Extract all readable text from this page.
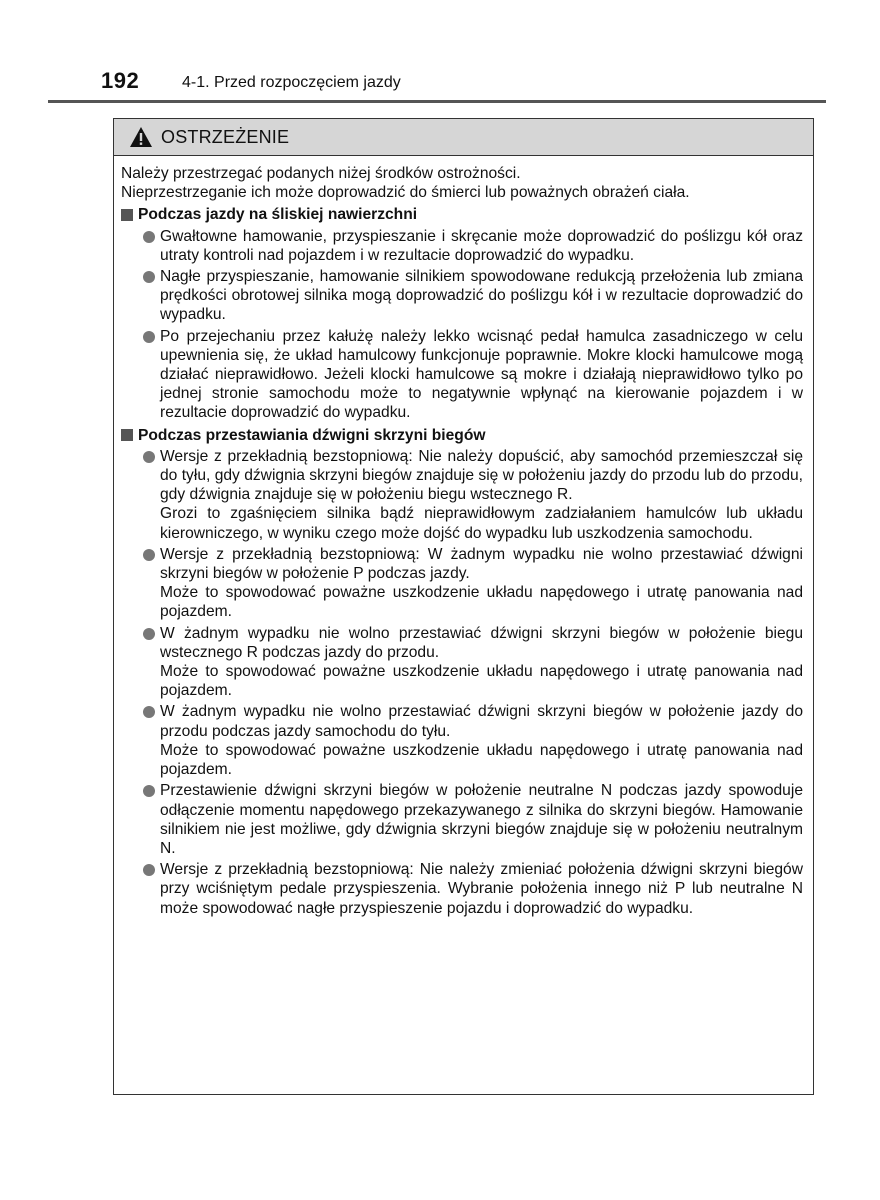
192	4-1. Przed rozpoczęciem jazdy
OSTRZEŻENIE

Należy przestrzegać podanych niżej środków ostrożności.

Nieprzestrzeganie ich może doprowadzić do śmierci lub poważnych obrażeń ciała.

Podczas jazdy na śliskiej nawierzchni

Gwałtowne hamowanie, przyspieszanie i skręcanie może doprowadzić do poślizgu kół oraz utraty kontroli nad pojazdem i w rezultacie doprowadzić do wypadku.

Nagłe przyspieszanie, hamowanie silnikiem spowodowane redukcją przełożenia lub zmiana prędkości obrotowej silnika mogą doprowadzić do poślizgu kół i w rezultacie doprowadzić do wypadku.

Po przejechaniu przez kałużę należy lekko wcisnąć pedał hamulca zasadniczego w celu upewnienia się, że układ hamulcowy funkcjonuje poprawnie. Mokre klocki hamulcowe mogą działać nieprawidłowo. Jeżeli klocki hamulcowe są mokre i działają nieprawidłowo tylko po jednej stronie samochodu może to negatywnie wpłynąć na kierowanie pojazdem i w rezultacie doprowadzić do wypadku.

Podczas przestawiania dźwigni skrzyni biegów

Wersje z przekładnią bezstopniową: Nie należy dopuścić, aby samochód przemieszczał się do tyłu, gdy dźwignia skrzyni biegów znajduje się w położeniu jazdy do przodu lub do przodu, gdy dźwignia znajduje się w położeniu biegu wstecznego R.

Grozi to zgaśnięciem silnika bądź nieprawidłowym zadziałaniem hamulców lub układu kierowniczego, w wyniku czego może dojść do wypadku lub uszkodzenia samochodu.

Wersje z przekładnią bezstopniową: W żadnym wypadku nie wolno przestawiać dźwigni skrzyni biegów w położenie P podczas jazdy.

Może to spowodować poważne uszkodzenie układu napędowego i utratę panowania nad pojazdem.

W żadnym wypadku nie wolno przestawiać dźwigni skrzyni biegów w położenie biegu wstecznego R podczas jazdy do przodu.

Może to spowodować poważne uszkodzenie układu napędowego i utratę panowania nad pojazdem.

W żadnym wypadku nie wolno przestawiać dźwigni skrzyni biegów w położenie jazdy do przodu podczas jazdy samochodu do tyłu.

Może to spowodować poważne uszkodzenie układu napędowego i utratę panowania nad pojazdem.

Przestawienie dźwigni skrzyni biegów w położenie neutralne N podczas jazdy spowoduje odłączenie momentu napędowego przekazywanego z silnika do skrzyni biegów. Hamowanie silnikiem nie jest możliwe, gdy dźwignia skrzyni biegów znajduje się w położeniu neutralnym N.

Wersje z przekładnią bezstopniową: Nie należy zmieniać położenia dźwigni skrzyni biegów przy wciśniętym pedale przyspieszenia. Wybranie położenia innego niż P lub neutralne N może spowodować nagłe przyspieszenie pojazdu i doprowadzić do wypadku.
